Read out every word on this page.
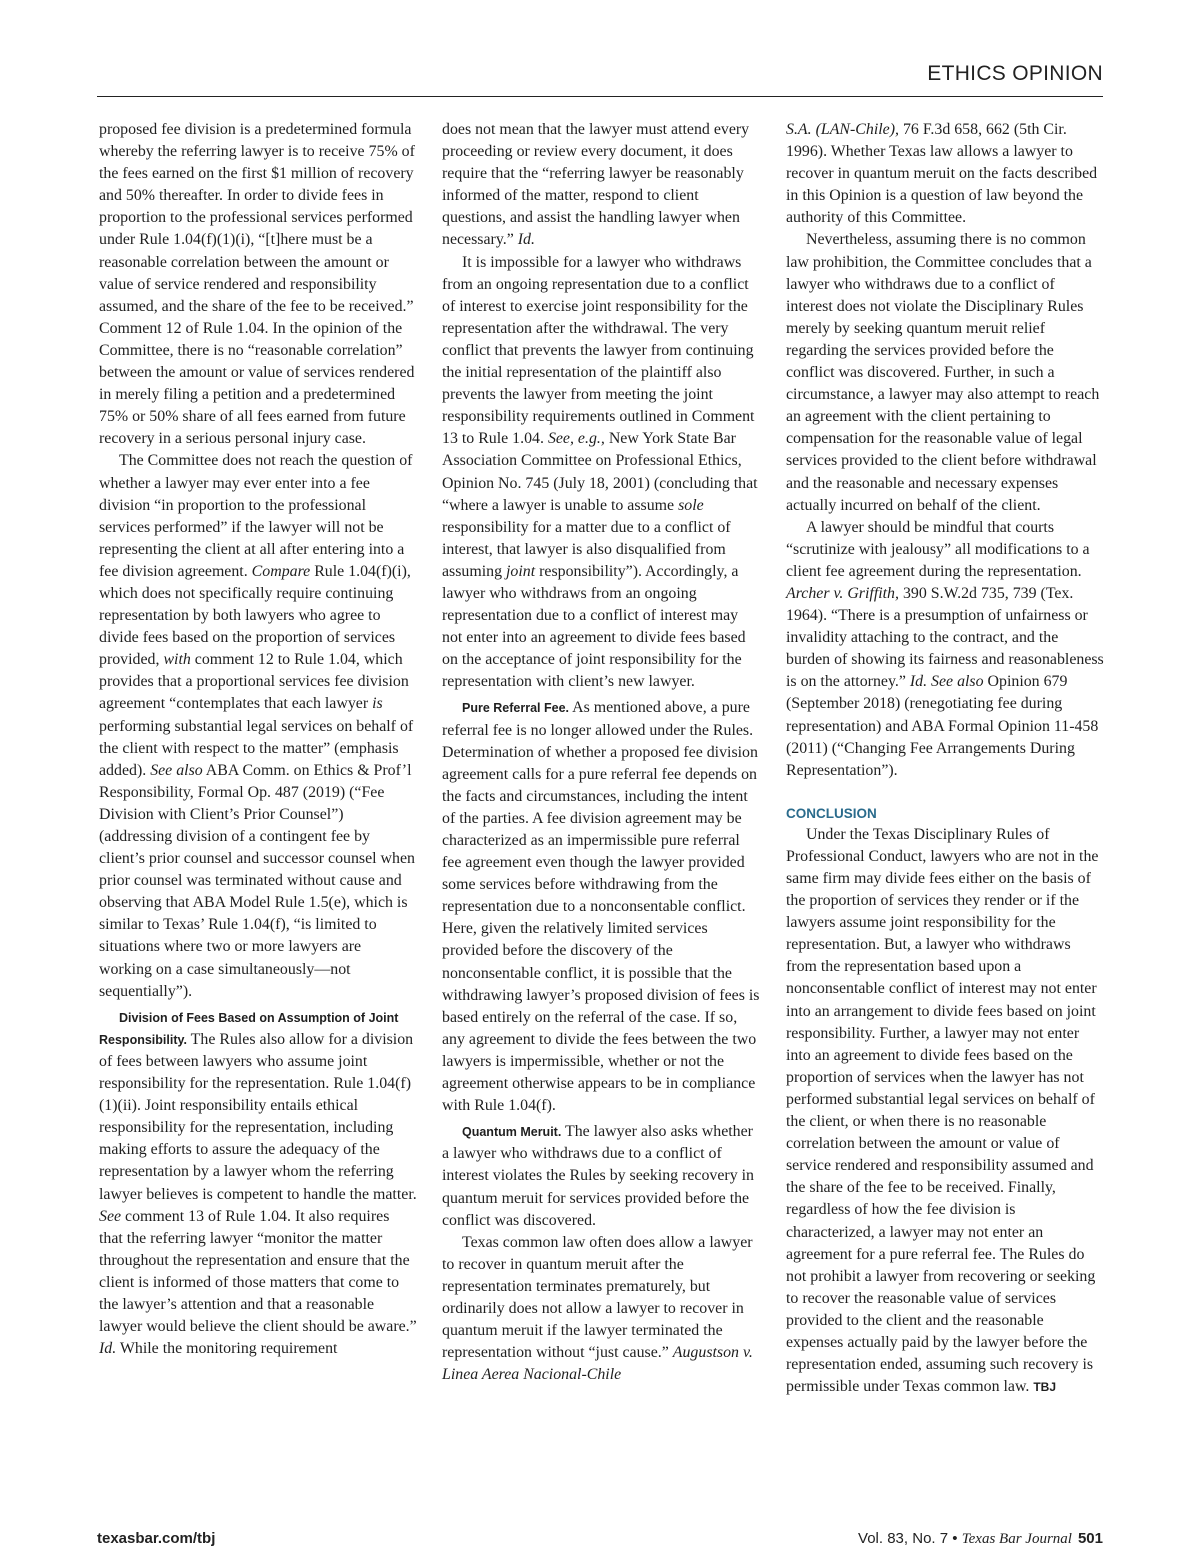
ETHICS OPINION

proposed fee division is a predetermined formula whereby the referring lawyer is to receive 75% of the fees earned on the first $1 million of recovery and 50% thereafter. In order to divide fees in proportion to the professional services performed under Rule 1.04(f)(1)(i), “[t]here must be a reasonable correlation between the amount or value of service rendered and responsibility assumed, and the share of the fee to be received.” Comment 12 of Rule 1.04. In the opinion of the Committee, there is no “reasonable correlation” between the amount or value of services rendered in merely filing a petition and a predetermined 75% or 50% share of all fees earned from future recovery in a serious personal injury case.

The Committee does not reach the question of whether a lawyer may ever enter into a fee division “in proportion to the professional services performed” if the lawyer will not be representing the client at all after entering into a fee division agreement. Compare Rule 1.04(f)(i), which does not specifically require continuing representation by both lawyers who agree to divide fees based on the proportion of services provided, with comment 12 to Rule 1.04, which provides that a proportional services fee division agreement “contemplates that each lawyer is performing substantial legal services on behalf of the client with respect to the matter” (emphasis added). See also ABA Comm. on Ethics & Prof’l Responsibility, Formal Op. 487 (2019) (“Fee Division with Client’s Prior Counsel”) (addressing division of a contingent fee by client’s prior counsel and successor counsel when prior counsel was terminated without cause and observing that ABA Model Rule 1.5(e), which is similar to Texas’ Rule 1.04(f), “is limited to situations where two or more lawyers are working on a case simultaneously—not sequentially”).

Division of Fees Based on Assumption of Joint Responsibility. The Rules also allow for a division of fees between lawyers who assume joint responsibility for the representation. Rule 1.04(f)(1)(ii). Joint responsibility entails ethical responsibility for the representation, including making efforts to assure the adequacy of the representation by a lawyer whom the referring lawyer believes is competent to handle the matter. See comment 13 of Rule 1.04. It also requires that the referring lawyer “monitor the matter throughout the representation and ensure that the client is informed of those matters that come to the lawyer’s attention and that a reasonable lawyer would believe the client should be aware.” Id. While the monitoring requirement

does not mean that the lawyer must attend every proceeding or review every document, it does require that the “referring lawyer be reasonably informed of the matter, respond to client questions, and assist the handling lawyer when necessary.” Id.

It is impossible for a lawyer who withdraws from an ongoing representation due to a conflict of interest to exercise joint responsibility for the representation after the withdrawal. The very conflict that prevents the lawyer from continuing the initial representation of the plaintiff also prevents the lawyer from meeting the joint responsibility requirements outlined in Comment 13 to Rule 1.04. See, e.g., New York State Bar Association Committee on Professional Ethics, Opinion No. 745 (July 18, 2001) (concluding that “where a lawyer is unable to assume sole responsibility for a matter due to a conflict of interest, that lawyer is also disqualified from assuming joint responsibility”). Accordingly, a lawyer who withdraws from an ongoing representation due to a conflict of interest may not enter into an agreement to divide fees based on the acceptance of joint responsibility for the representation with client’s new lawyer.

Pure Referral Fee. As mentioned above, a pure referral fee is no longer allowed under the Rules. Determination of whether a proposed fee division agreement calls for a pure referral fee depends on the facts and circumstances, including the intent of the parties. A fee division agreement may be characterized as an impermissible pure referral fee agreement even though the lawyer provided some services before withdrawing from the representation due to a nonconsentable conflict. Here, given the relatively limited services provided before the discovery of the nonconsentable conflict, it is possible that the withdrawing lawyer’s proposed division of fees is based entirely on the referral of the case. If so, any agreement to divide the fees between the two lawyers is impermissible, whether or not the agreement otherwise appears to be in compliance with Rule 1.04(f).

Quantum Meruit. The lawyer also asks whether a lawyer who withdraws due to a conflict of interest violates the Rules by seeking recovery in quantum meruit for services provided before the conflict was discovered.

Texas common law often does allow a lawyer to recover in quantum meruit after the representation terminates prematurely, but ordinarily does not allow a lawyer to recover in quantum meruit if the lawyer terminated the representation without “just cause.” Augustson v. Linea Aerea Nacional-Chile

S.A. (LAN-Chile), 76 F.3d 658, 662 (5th Cir. 1996). Whether Texas law allows a lawyer to recover in quantum meruit on the facts described in this Opinion is a question of law beyond the authority of this Committee.

Nevertheless, assuming there is no common law prohibition, the Committee concludes that a lawyer who withdraws due to a conflict of interest does not violate the Disciplinary Rules merely by seeking quantum meruit relief regarding the services provided before the conflict was discovered. Further, in such a circumstance, a lawyer may also attempt to reach an agreement with the client pertaining to compensation for the reasonable value of legal services provided to the client before withdrawal and the reasonable and necessary expenses actually incurred on behalf of the client.

A lawyer should be mindful that courts “scrutinize with jealousy” all modifications to a client fee agreement during the representation. Archer v. Griffith, 390 S.W.2d 735, 739 (Tex. 1964). “There is a presumption of unfairness or invalidity attaching to the contract, and the burden of showing its fairness and reasonableness is on the attorney.” Id. See also Opinion 679 (September 2018) (renegotiating fee during representation) and ABA Formal Opinion 11-458 (2011) (“Changing Fee Arrangements During Representation”).

CONCLUSION

Under the Texas Disciplinary Rules of Professional Conduct, lawyers who are not in the same firm may divide fees either on the basis of the proportion of services they render or if the lawyers assume joint responsibility for the representation. But, a lawyer who withdraws from the representation based upon a nonconsentable conflict of interest may not enter into an arrangement to divide fees based on joint responsibility. Further, a lawyer may not enter into an agreement to divide fees based on the proportion of services when the lawyer has not performed substantial legal services on behalf of the client, or when there is no reasonable correlation between the amount or value of service rendered and responsibility assumed and the share of the fee to be received. Finally, regardless of how the fee division is characterized, a lawyer may not enter an agreement for a pure referral fee. The Rules do not prohibit a lawyer from recovering or seeking to recover the reasonable value of services provided to the client and the reasonable expenses actually paid by the lawyer before the representation ended, assuming such recovery is permissible under Texas common law. TBJ

texasbar.com/tbj	Vol. 83, No. 7 • Texas Bar Journal 501
